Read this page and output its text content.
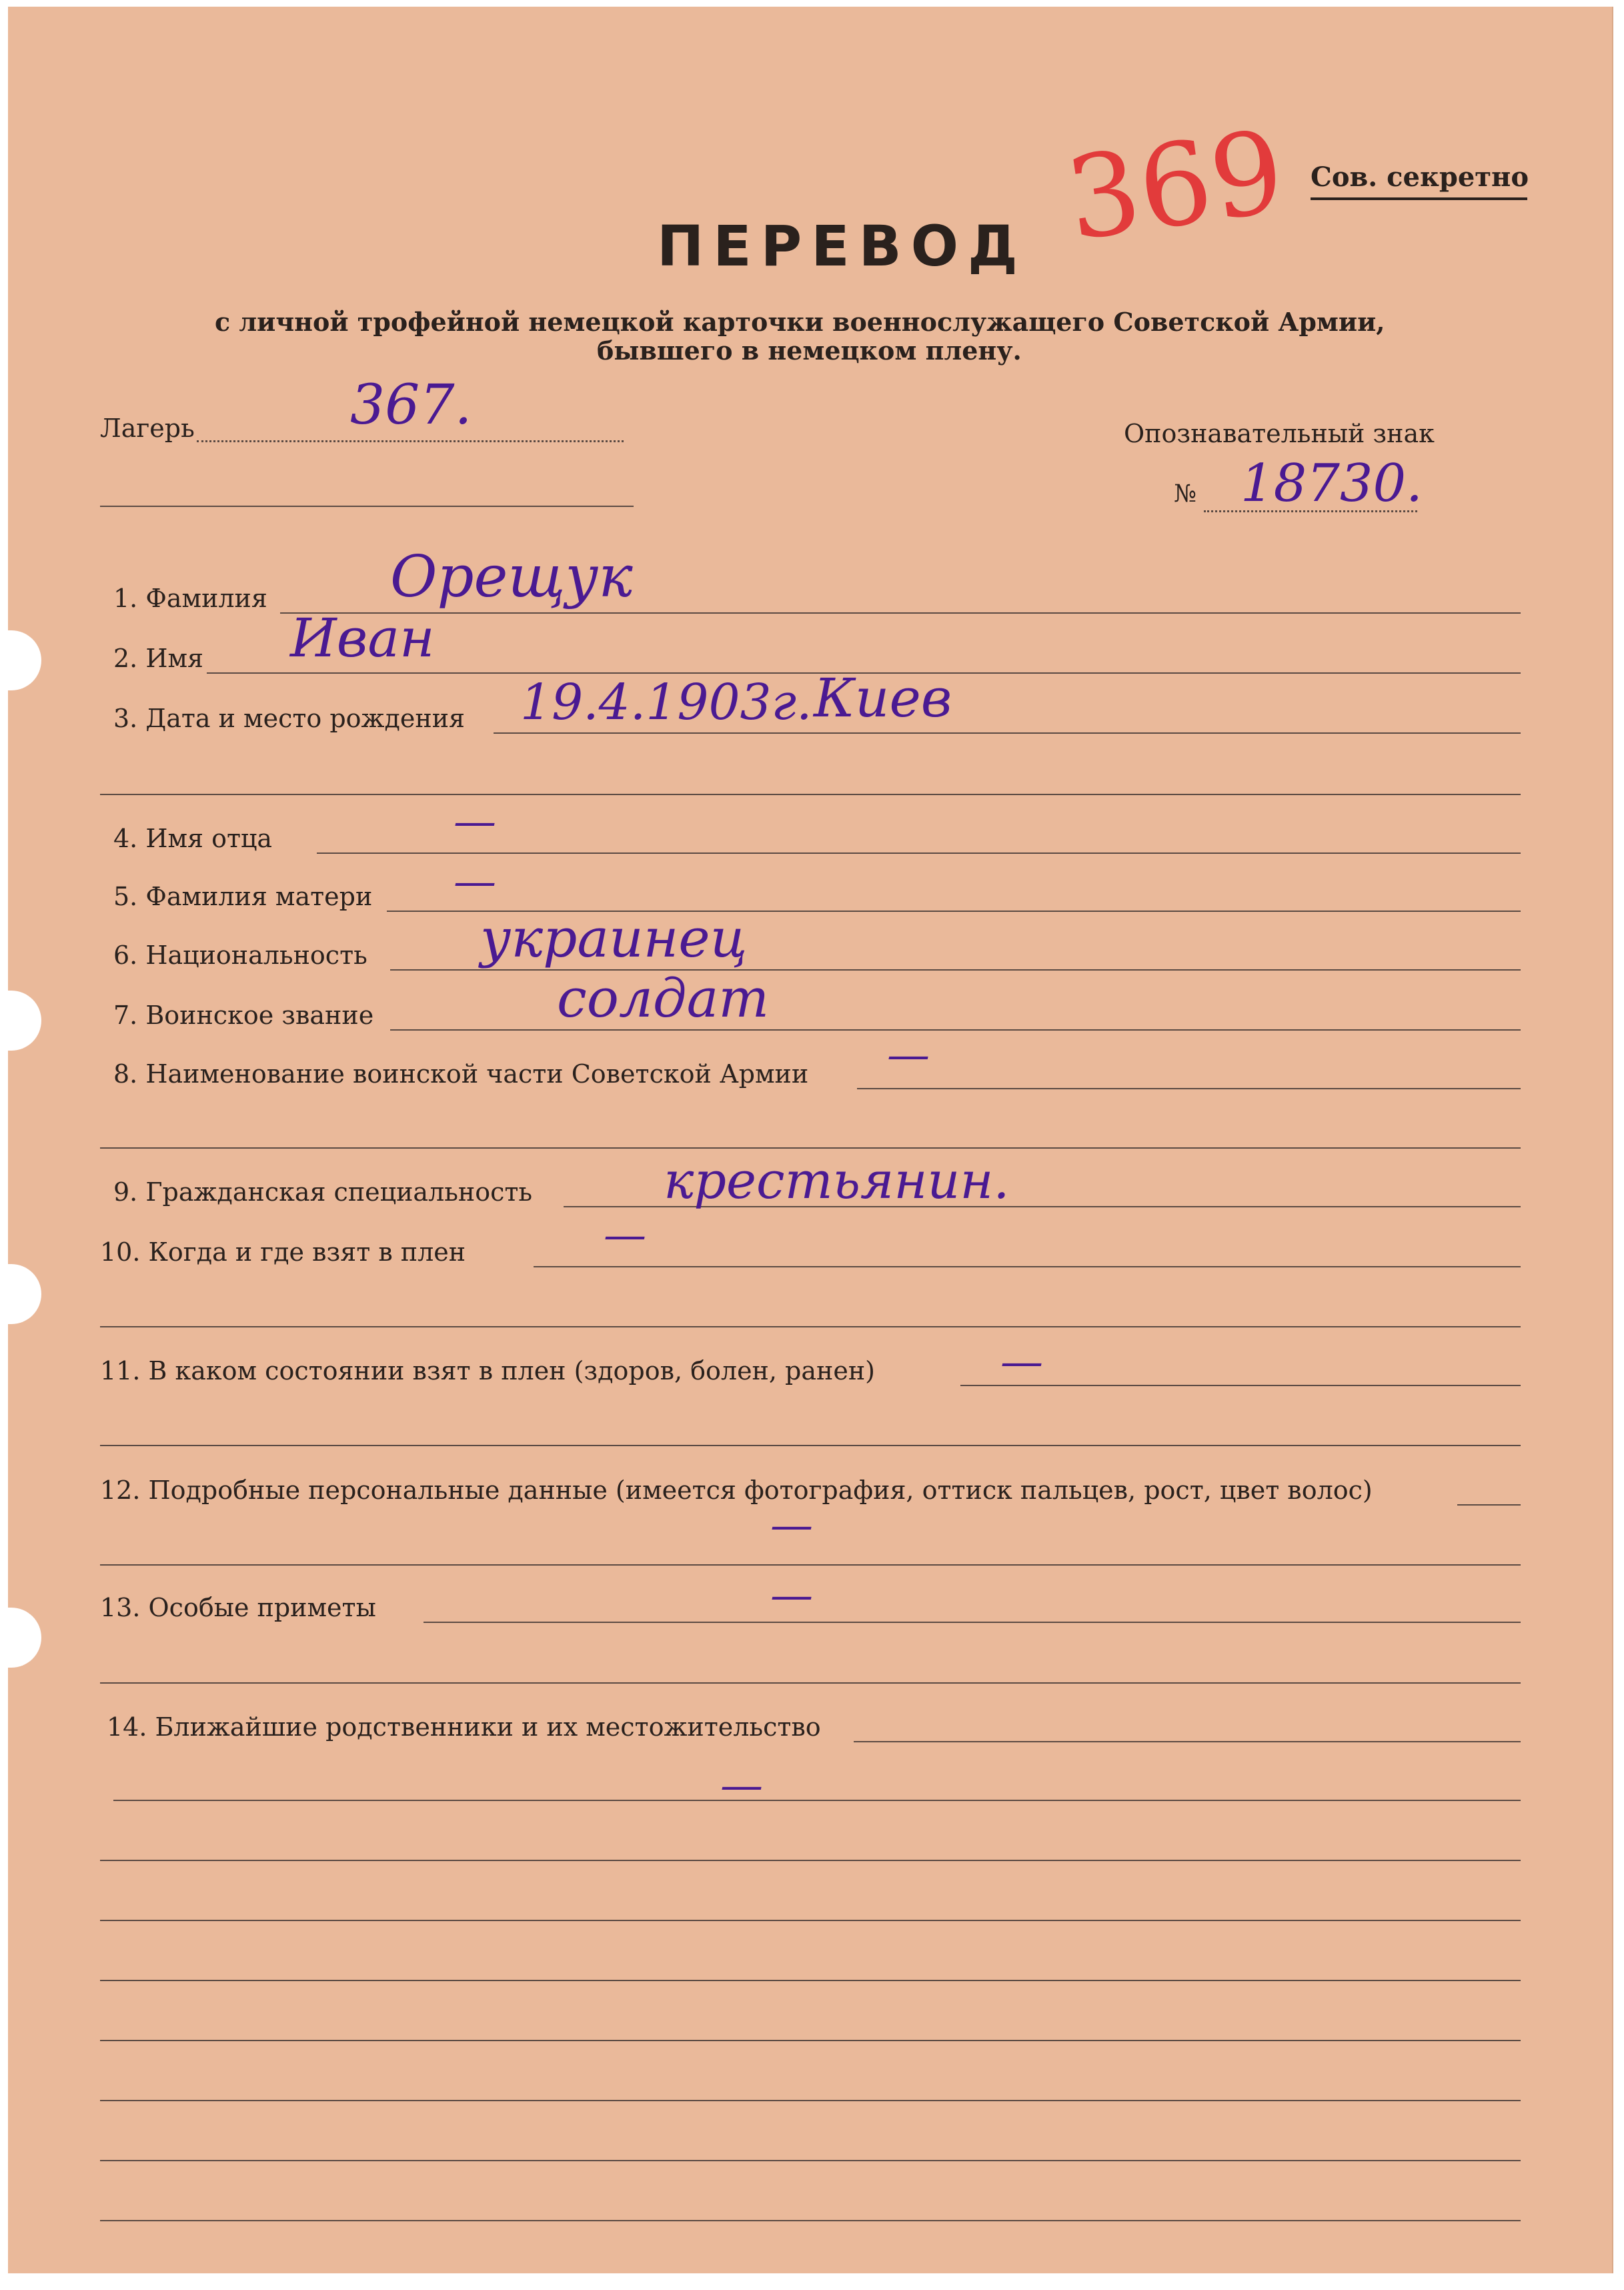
Сов. секретно
369
ПЕРЕВОД
с личной трофейной немецкой карточки военнослужащего Советской Армии,
бывшего в немецком плену.
Лагерь	367.	Опознавательный знак
№ 18730.
1. Фамилия Орещук
2. Имя Иван
3. Дата и место рождения 19.4.1903г. Киев
4. Имя отца	—
5. Фамилия матери —
6. Национальность украинец
7. Воинское звание	солдат
8. Наименование воинской части Советской Армии —
9. Гражданская специальность	крестьянин.
10. Когда и где взят в плен	—
11. В каком состоянии взят в плен (здоров, болен, ранен)	—
12. Подробные персональные данные (имеется фотография, оттиск пальцев, рост, цвет волос)
—
13. Особые приметы	—
14. Ближайшие родственники и их местожительство
—
